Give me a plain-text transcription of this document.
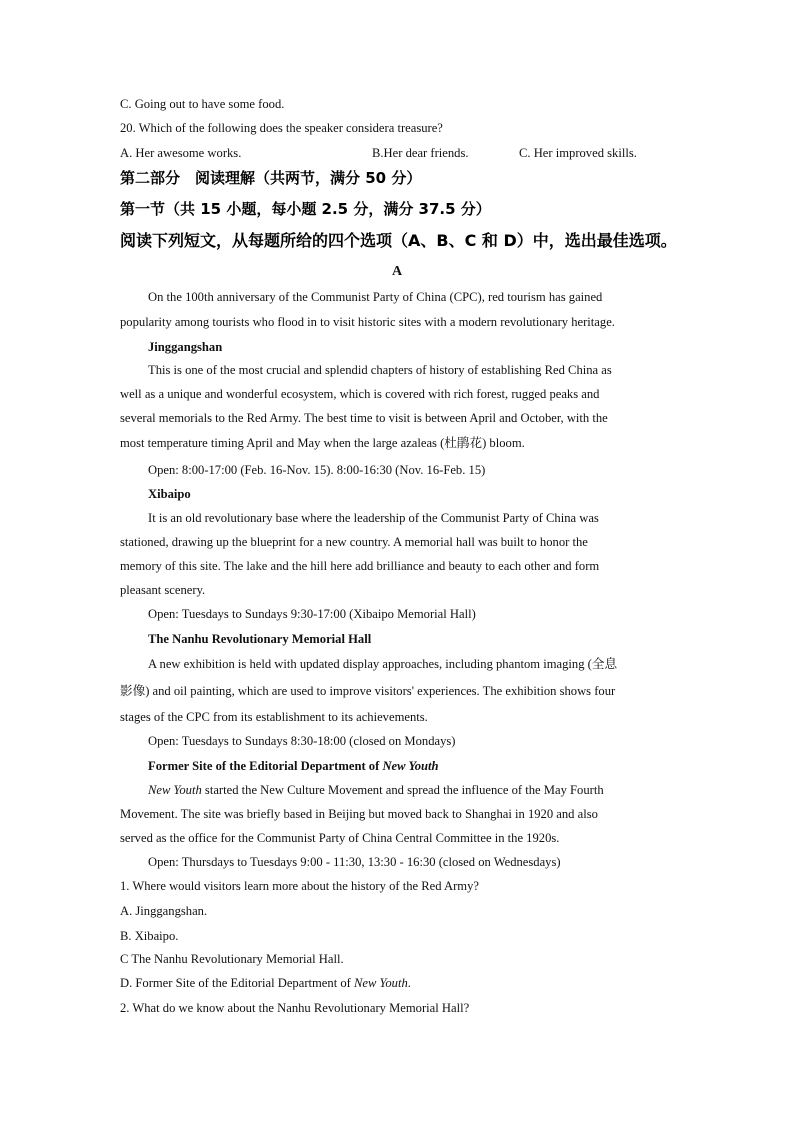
C. Going out to have some food.
20. Which of the following does the speaker considera treasure?
A. Her awesome works.	B.Her dear friends.	C. Her improved skills.
第二部分　阅读理解（共两节，满分 50 分）
第一节（共 15 小题，每小题 2.5 分，满分 37.5 分）
阅读下列短文，从每题所给的四个选项（A、B、C 和 D）中，选出最佳选项。
A
On the 100th anniversary of the Communist Party of China (CPC), red tourism has gained
popularity among tourists who flood in to visit historic sites with a modern revolutionary heritage.
Jinggangshan
This is one of the most crucial and splendid chapters of history of establishing Red China as
well as a unique and wonderful ecosystem, which is covered with rich forest, rugged peaks and
several memorials to the Red Army. The best time to visit is between April and October, with the
most temperature timing April and May when the large azaleas (杜鹃花) bloom.
Open: 8:00-17:00 (Feb. 16-Nov. 15). 8:00-16:30 (Nov. 16-Feb. 15)
Xibaipo
It is an old revolutionary base where the leadership of the Communist Party of China was
stationed, drawing up the blueprint for a new country. A memorial hall was built to honor the
memory of this site. The lake and the hill here add brilliance and beauty to each other and form
pleasant scenery.
Open: Tuesdays to Sundays 9:30-17:00 (Xibaipo Memorial Hall)
The Nanhu Revolutionary Memorial Hall
A new exhibition is held with updated display approaches, including phantom imaging (全息
影像) and oil painting, which are used to improve visitors' experiences. The exhibition shows four
stages of the CPC from its establishment to its achievements.
Open: Tuesdays to Sundays 8:30-18:00 (closed on Mondays)
Former Site of the Editorial Department of New Youth
New Youth started the New Culture Movement and spread the influence of the May Fourth
Movement. The site was briefly based in Beijing but moved back to Shanghai in 1920 and also
served as the office for the Communist Party of China Central Committee in the 1920s.
Open: Thursdays to Tuesdays 9:00 - 11:30, 13:30 - 16:30 (closed on Wednesdays)
1. Where would visitors learn more about the history of the Red Army?
A. Jinggangshan.
B. Xibaipo.
C The Nanhu Revolutionary Memorial Hall.
D. Former Site of the Editorial Department of New Youth.
2. What do we know about the Nanhu Revolutionary Memorial Hall?
